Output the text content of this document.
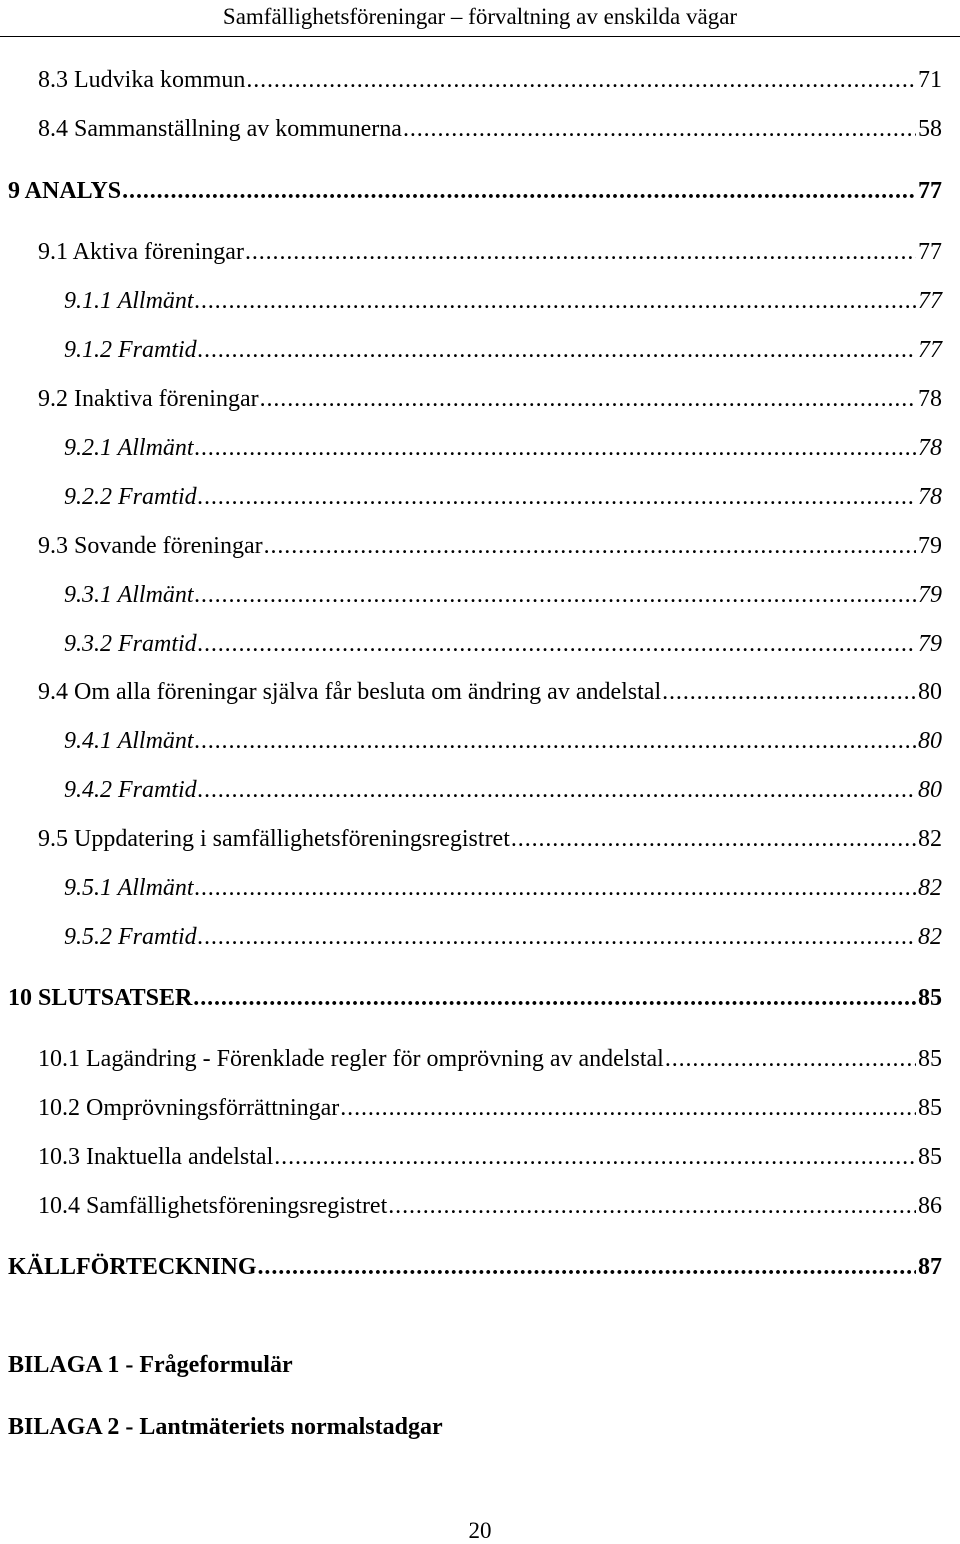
Samfällighetsföreningar – förvaltning av enskilda vägar
8.3 Ludvika kommun . . .	71
8.4 Sammanställning av kommunerna . . .	58
9 ANALYS . . .	77
9.1 Aktiva föreningar . . .	77
9.1.1 Allmänt . . .	77
9.1.2 Framtid . . .	77
9.2 Inaktiva föreningar . . .	78
9.2.1 Allmänt . . .	78
9.2.2 Framtid . . .	78
9.3 Sovande föreningar . . .	79
9.3.1 Allmänt . . .	79
9.3.2 Framtid . . .	79
9.4 Om alla föreningar själva får besluta om ändring av andelstal . . .	80
9.4.1 Allmänt . . .	80
9.4.2 Framtid . . .	80
9.5 Uppdatering i samfällighetsföreningsregistret . . .	82
9.5.1 Allmänt . . .	82
9.5.2 Framtid . . .	82
10 SLUTSATSER . . .	85
10.1 Lagändring - Förenklade regler för omprövning av andelstal . . .	85
10.2 Omprövningsförrättningar . . .	85
10.3 Inaktuella andelstal . . .	85
10.4 Samfällighetsföreningsregistret . . .	86
KÄLLFÖRTECKNING . . .	87
BILAGA 1 - Frågeformulär
BILAGA 2 - Lantmäteriets normalstadgar
20
